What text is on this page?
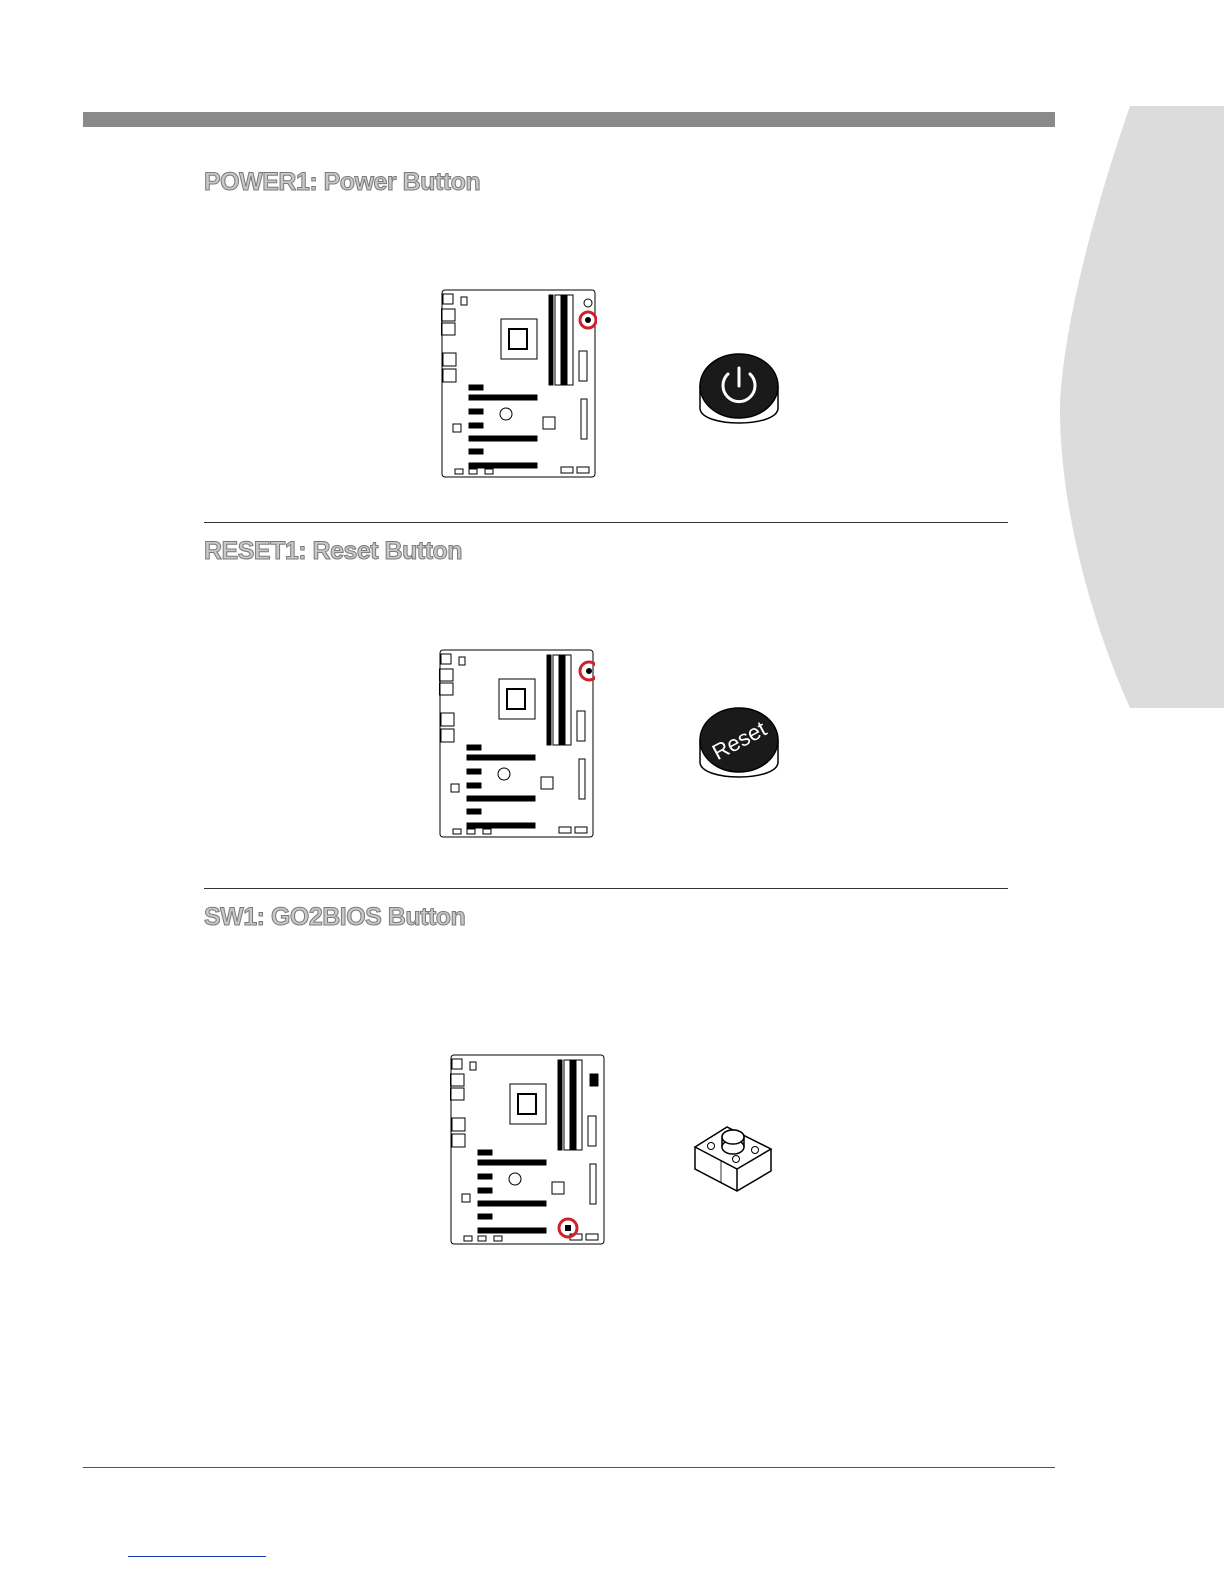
POWER1: Power Button
RESET1: Reset Button
Reset
SW1: GO2BIOS Button
